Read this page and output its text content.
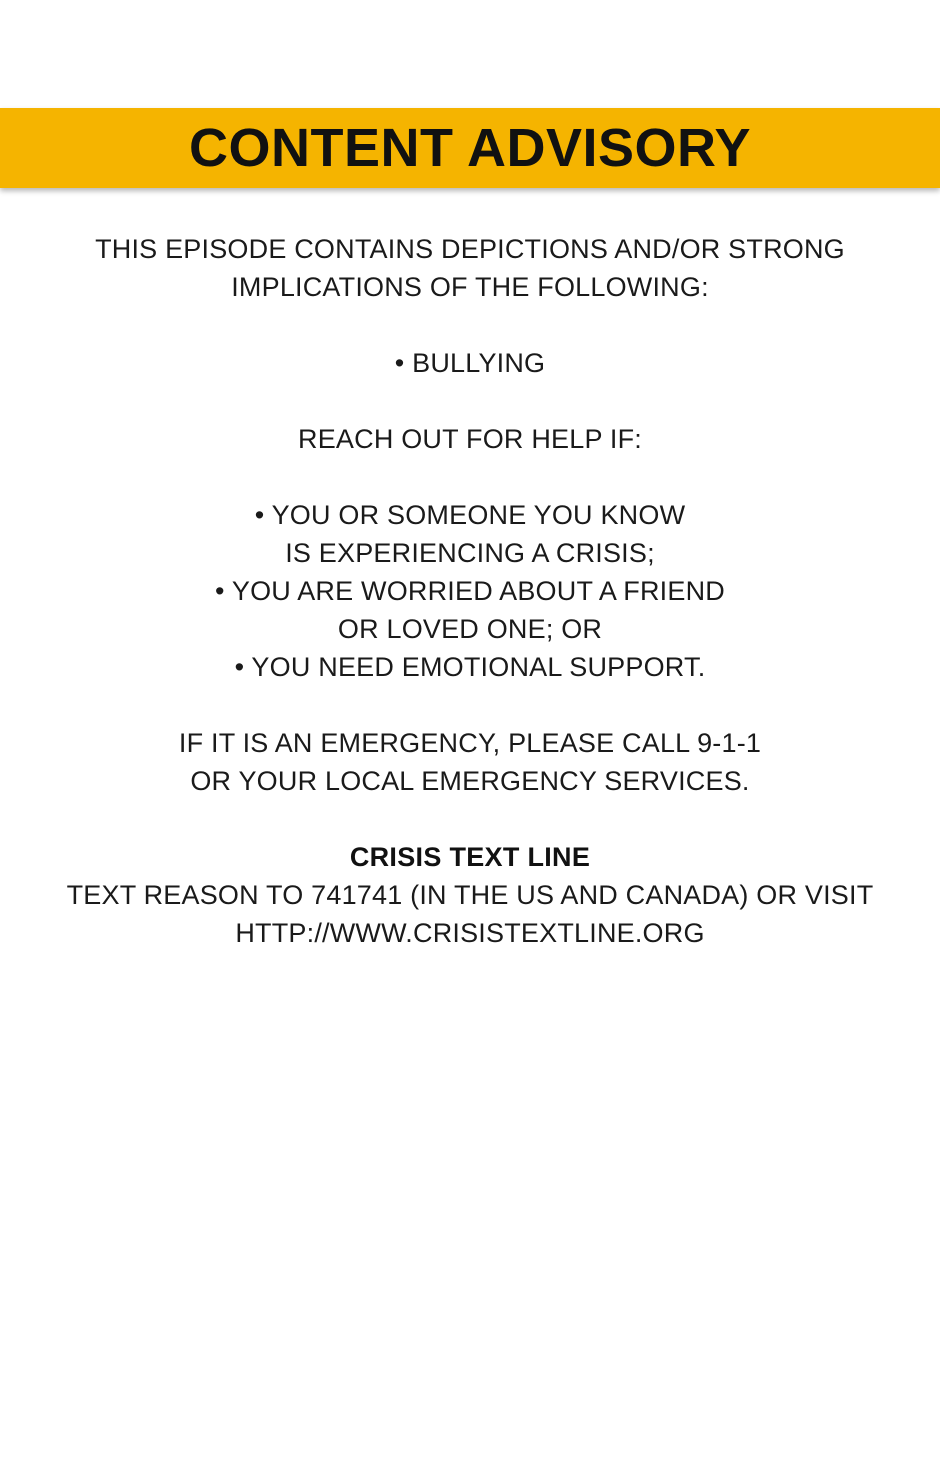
CONTENT ADVISORY
THIS EPISODE CONTAINS DEPICTIONS AND/OR STRONG
IMPLICATIONS OF THE FOLLOWING:
• BULLYING
REACH OUT FOR HELP IF:
• YOU OR SOMEONE YOU KNOW
IS EXPERIENCING A CRISIS;
• YOU ARE WORRIED ABOUT A FRIEND
OR LOVED ONE; OR
• YOU NEED EMOTIONAL SUPPORT.
IF IT IS AN EMERGENCY, PLEASE CALL 9-1-1
OR YOUR LOCAL EMERGENCY SERVICES.
CRISIS TEXT LINE
TEXT REASON TO 741741 (IN THE US AND CANADA) OR VISIT
HTTP://WWW.CRISISTEXTLINE.ORG
